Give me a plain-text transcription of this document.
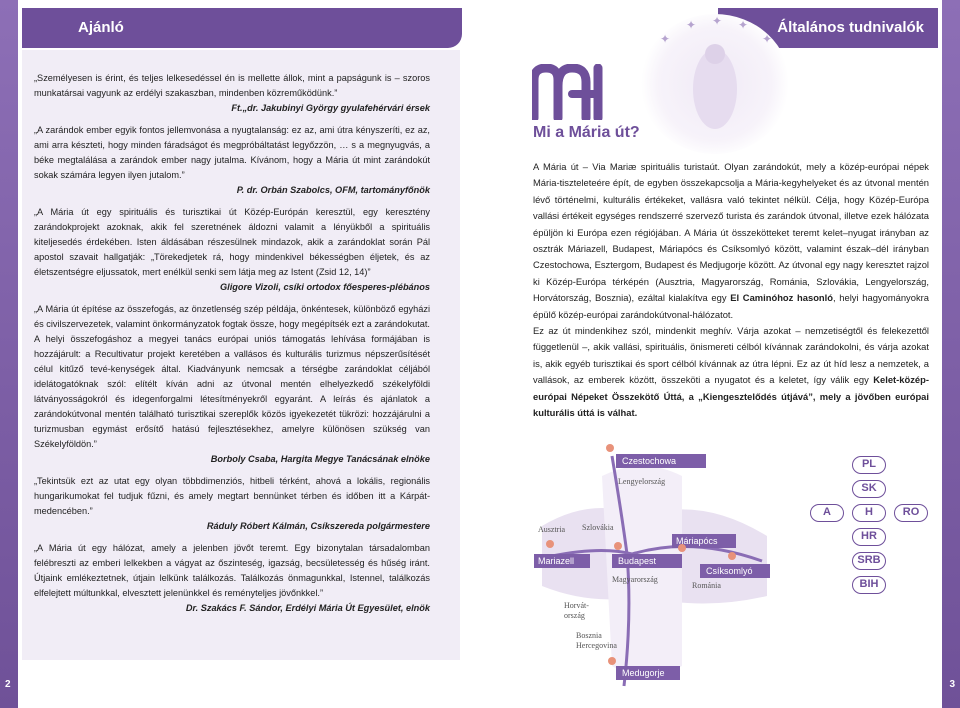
2	3
Ajánló	Általános tudnivalók

„Személyesen is érint, és teljes lelkesedéssel én is mellette állok, mint a papságunk is – szoros munkatársai vagyunk az erdélyi szakaszban, mindenben közreműködünk.”

Ft.„dr. Jakubinyi György gyulafehérvári érsek

„A zarándok ember egyik fontos jellemvonása a nyugtalanság: ez az, ami útra kényszeríti, ez az, ami arra készteti, hogy minden fáradságot és megpróbáltatást legyőzzön, … s a megnyugvás, a béke megtalálása a zarándok ember nagy jutalma. Kívánom, hogy a Mária út mint zarándokút sokak számára legyen ilyen jutalom.”

P. dr. Orbán Szabolcs, OFM, tartományfőnök

„A Mária út egy spirituális és turisztikai út Közép-Európán keresztül, egy keresztény zarándokprojekt azoknak, akik fel szeretnének áldozni valamit a lényükből a spirituális kiteljesedés érdekében. Isten áldásában részesülnek mindazok, akik a zarándoklat során Pál apostol szavait hallgatják: „Törekedjetek rá, hogy mindenkivel békességben éljetek, és az életszentségre eljussatok, mert enélkül senki sem látja meg az Istent (Zsid 12, 14)”

Gligore Vizoli, csíki ortodox főesperes-plébános

„A Mária út építése az összefogás, az önzetlenség szép példája, önkéntesek, különböző egyházi és civilszervezetek, valamint önkormányzatok fogtak össze, hogy megépítsék ezt a zarándokutat. A helyi összefogáshoz a megyei tanács európai uniós támogatás lehívása formájában is hozzájárult: a Recultivatur projekt keretében a vallásos és kulturális turizmus népszerűsítését célul kitűző tevé-kenységek által. Kiadványunk nemcsak a térségbe zarándoklat céljából idelátogatóknak szól: elítélt kíván adni az útvonal mentén elhelyezkedő székelyföldi látványosságokról és idegenforgalmi létesítményekről egyaránt. A leírás és ajánlatok a zarándokútvonal mentén található turisztikai szereplők közös igyekezetét tükrözi: hozzájárulni a turizmusban egymást erősítő hatású fejlesztésekhez, amelyre különösen szükség van Székelyföldön.”

Borboly Csaba, Hargita Megye Tanácsának elnöke

„Tekintsük ezt az utat egy olyan többdimenziós, hitbeli térként, ahová a lokális, regionális hungarikumokat fel tudjuk fűzni, és amely megtart bennünket térben és időben itt a Kárpát-medencében.”

Ráduly Róbert Kálmán, Csíkszereda polgármestere

„A Mária út egy hálózat, amely a jelenben jövőt teremt. Egy bizonytalan társadalomban felébreszti az emberi lelkekben a vágyat az őszinteség, igazság, becsületesség és hűség iránt. Útjaink emlékeztetnek, útjain lelkünk találkozás. Találkozás önmagunkkal, Istennel, találkozás elfelejtett múltunkkal, elvesztett jelenünkkel és reményteljes jövőnkkel.”

Dr. Szakács F. Sándor, Erdélyi Mária Út Egyesület, elnök

✦
✦ ✦ ✦
✦
Mi a Mária út?
A Mária út – Via Mariæ spirituális turistaút. Olyan zarándokút, mely a közép-európai népek Mária-tiszteleteére épít, de egyben összekapcsolja a Mária-kegyhelyeket és az útvonal mentén lévő történelmi, kulturális értékeket, vallásra való tekintet nélkül. Célja, hogy Közép-Európa vallási értékeit egységes rendszerré szervező turista és zarándok útvonal, illetve ezek hálózata épüljön ki Európa ezen régiójában. A Mária út összekötteket teremt kelet–nyugat irányban az osztrák Máriazell, Budapest, Máriapócs és Csíksomlyó között, valamint észak–dél irányban Czestochowa, Esztergom, Budapest és Medjugorje között. Az útvonal egy nagy keresztet rajzol ki Közép-Európa térképén (Ausztria, Magyarország, Románia, Szlovákia, Lengyelország, Horvátország, Bosznia), ezáltal kialakítva egy El Caminóhoz hasonló, helyi hagyományokra épülő közép-európai zarándokútvonal-hálózatot.
Ez az út mindenkihez szól, mindenkit meghív. Várja azokat – nemzetiségtől és felekezettől függetlenül –, akik vallási, spirituális, önismereti célból kívánnak zarándokolni, és várja azokat is, akik egyéb turisztikai és sport célból kívánnak az útra lépni. Ez az út híd lesz a nemzetek, a vallások, az emberek között, összeköti a nyugatot és a keletet, így válik egy Kelet-közép-európai Népeket Összekötő Úttá, a „Kiengesztelődés útjává”, mely a jövőben európai kulturális úttá is válhat.
Czestochowa
Lengyelország
Ausztria Szlovákia
Máriapócs
Mariazell	Budapest
Csíksomlyó
Magyarország
Románia
Horvát-
ország
Bosznia
Hercegovina
Medugorje
PL
SK
A	H	RO
HR
SRB
BIH
